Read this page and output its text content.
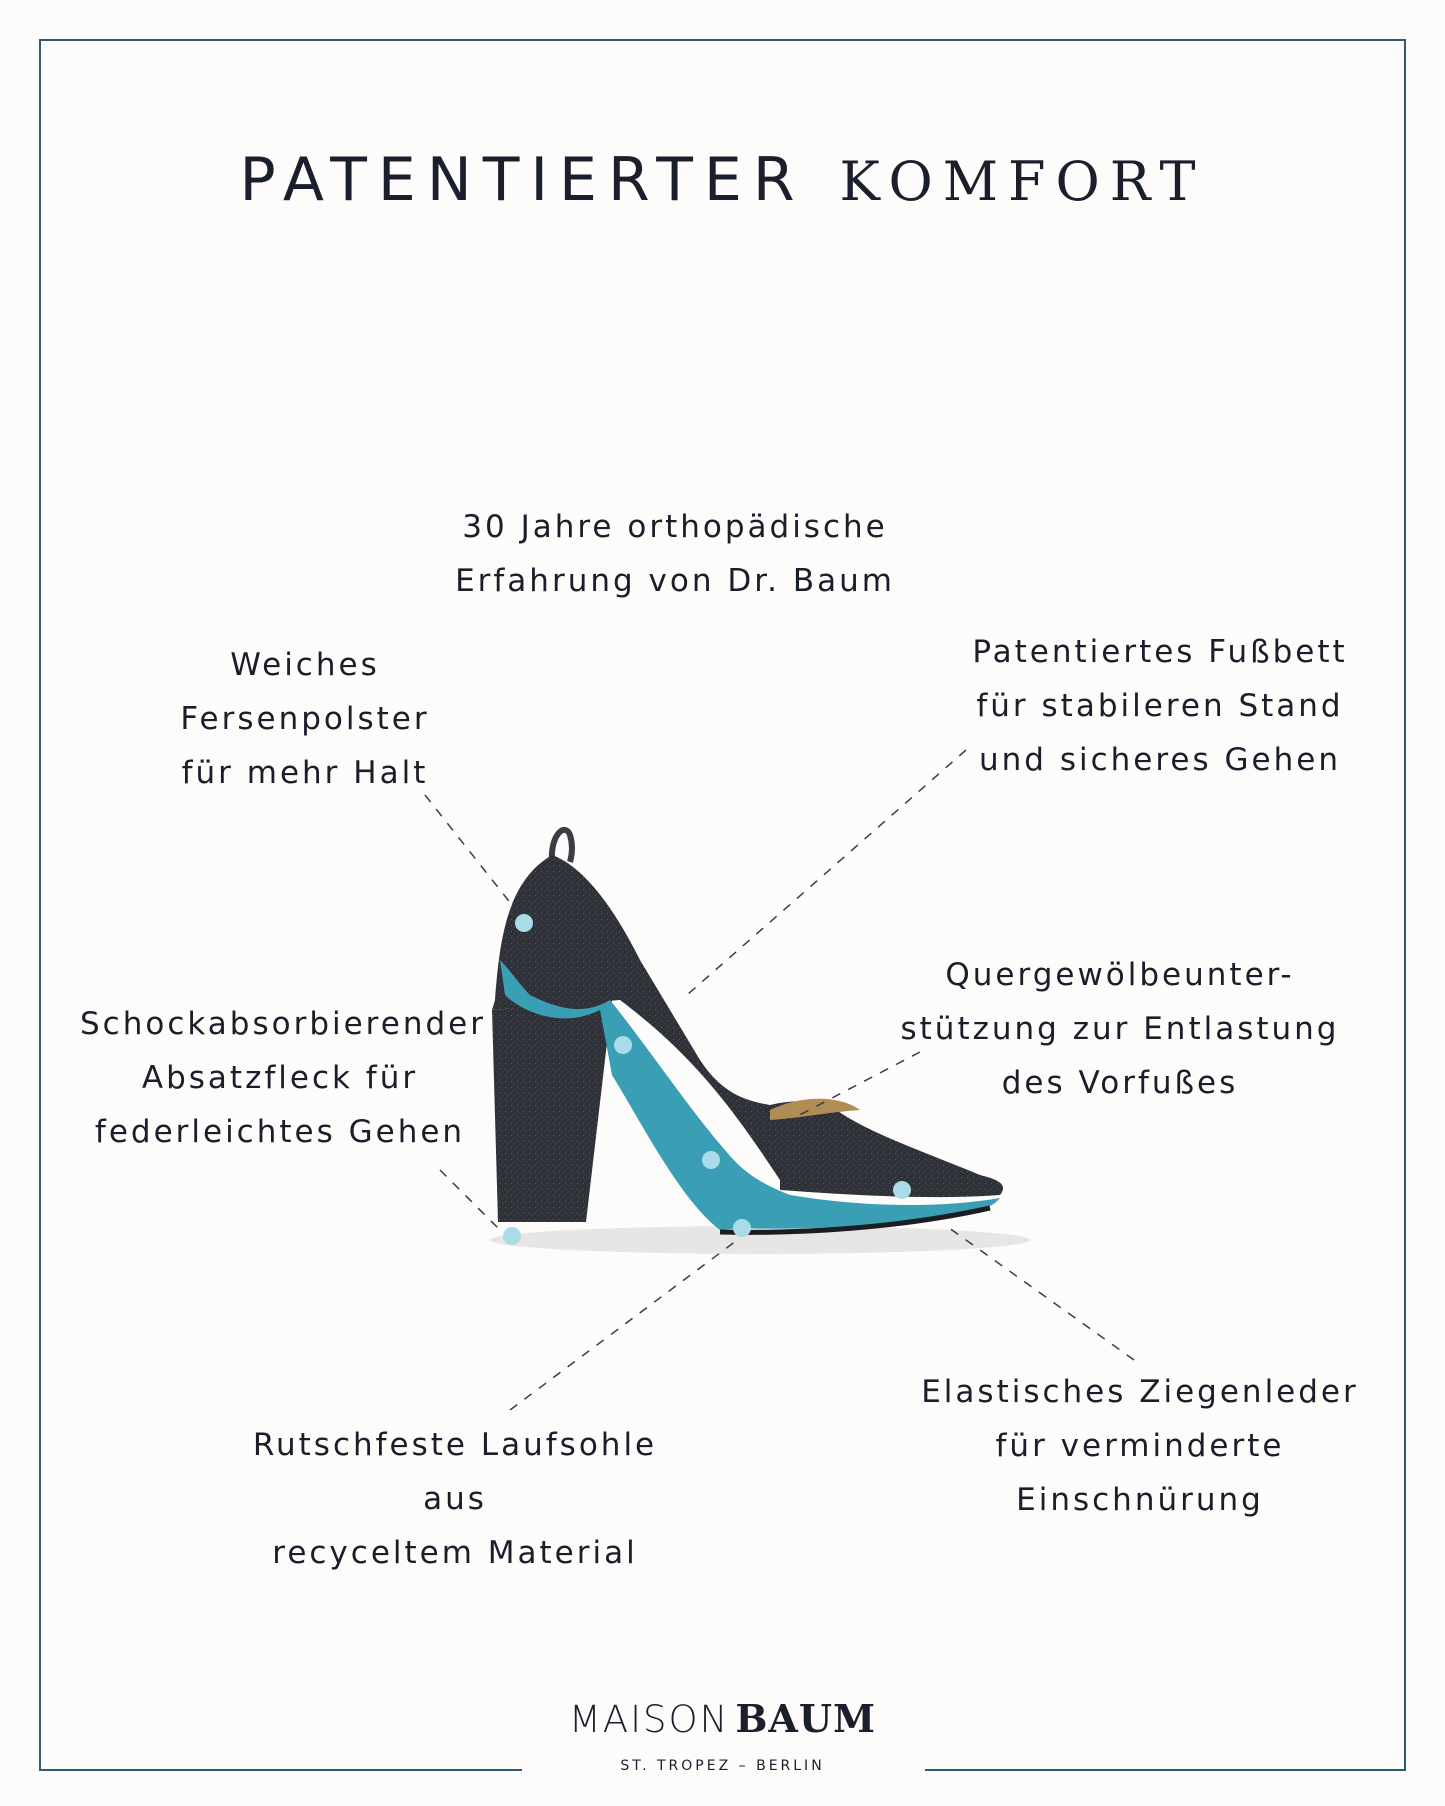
PATENTIERTER KOMFORT
30 Jahre orthopädische
Erfahrung von Dr. Baum
Weiches
Fersenpolster
für mehr Halt
Patentiertes Fußbett
für stabileren Stand
und sicheres Gehen
Quergewölbeunter-
stützung zur Entlastung
des Vorfußes
Schockabsorbierender
Absatzfleck für
federleichtes Gehen
Rutschfeste Laufsohle
aus
recyceltem Material
Elastisches Ziegenleder
für verminderte
Einschnürung
MAISON BAUM
ST. TROPEZ – BERLIN
